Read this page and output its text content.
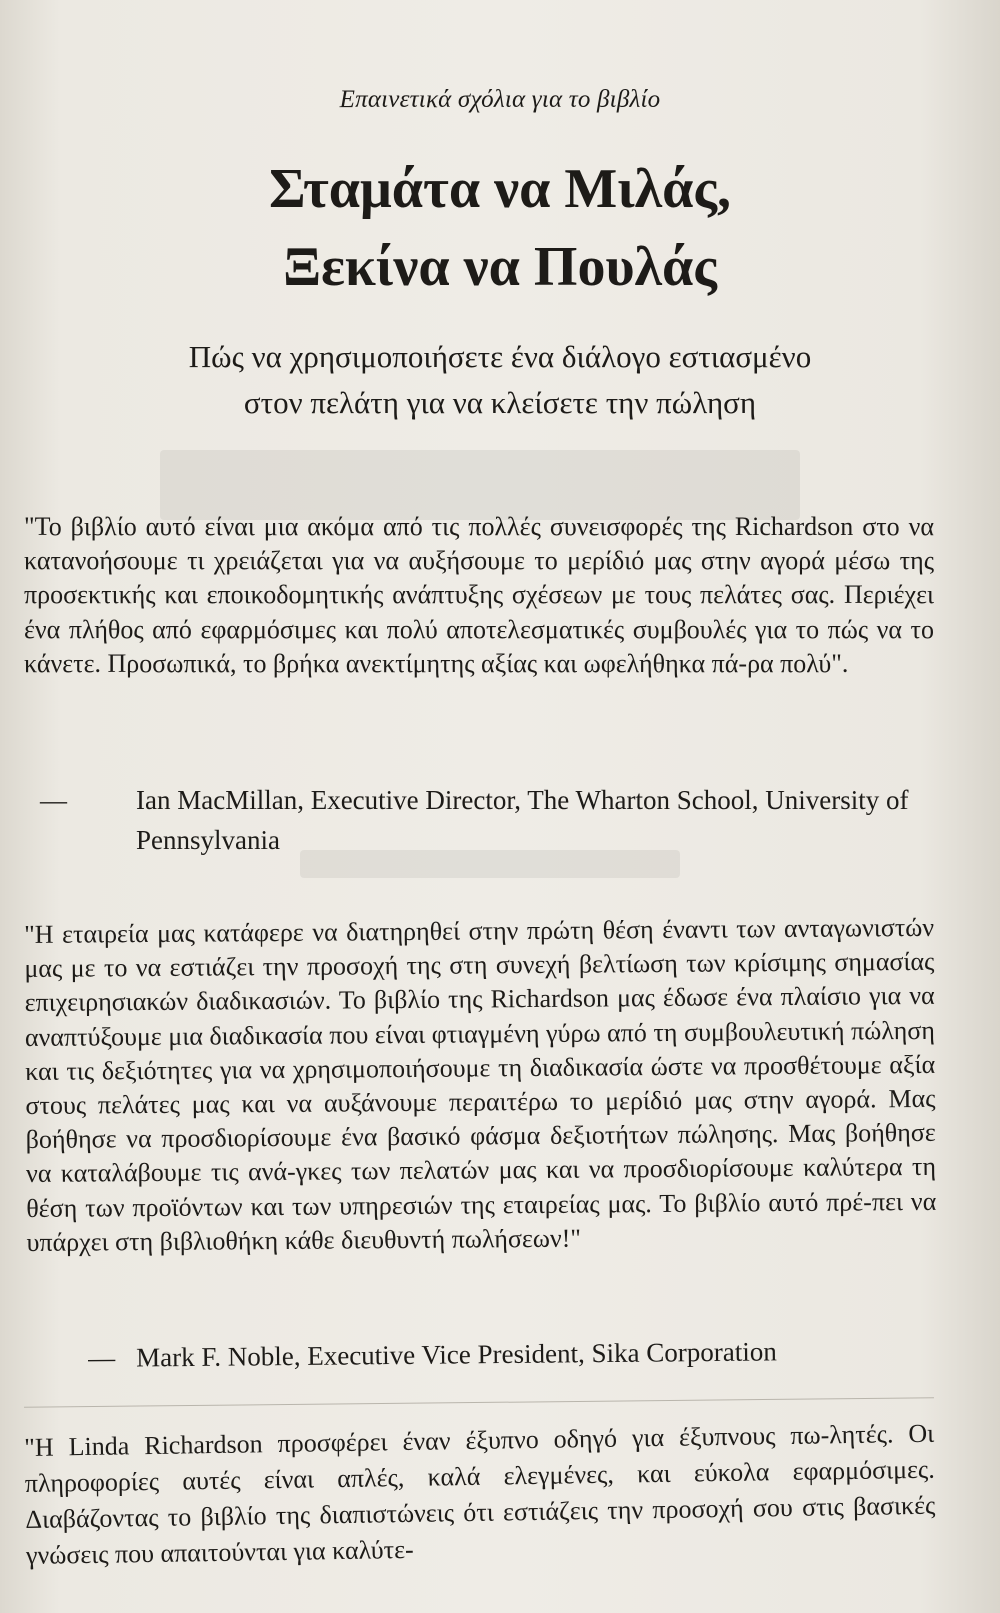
Επαινετικά σχόλια για το βιβλίο
Σταμάτα να Μιλάς,
Ξεκίνα να Πουλάς
Πώς να χρησιμοποιήσετε ένα διάλογο εστιασμένο
στον πελάτη για να κλείσετε την πώληση
"Το βιβλίο αυτό είναι μια ακόμα από τις πολλές συνεισφορές της Richardson στο να κατανοήσουμε τι χρειάζεται για να αυξήσουμε το μερίδιό μας στην αγορά μέσω της προσεκτικής και εποικοδομητικής ανάπτυξης σχέσεων με τους πελάτες σας. Περιέχει ένα πλήθος από εφαρμόσιμες και πολύ αποτελεσματικές συμβουλές για το πώς να το κάνετε. Προσωπικά, το βρήκα ανεκτίμητης αξίας και ωφελήθηκα πά-ρα πολύ".
—	Ian MacMillan, Executive Director, The Wharton School, University of Pennsylvania
"Η εταιρεία μας κατάφερε να διατηρηθεί στην πρώτη θέση έναντι των ανταγωνιστών μας με το να εστιάζει την προσοχή της στη συνεχή βελτίωση των κρίσιμης σημασίας επιχειρησιακών διαδικασιών. Το βιβλίο της Richardson μας έδωσε ένα πλαίσιο για να αναπτύξουμε μια διαδικασία που είναι φτιαγμένη γύρω από τη συμβουλευτική πώληση και τις δεξιότητες για να χρησιμοποιήσουμε τη διαδικασία ώστε να προσθέτουμε αξία στους πελάτες μας και να αυξάνουμε περαιτέρω το μερίδιό μας στην αγορά. Μας βοήθησε να προσδιορίσουμε ένα βασικό φάσμα δεξιοτήτων πώλησης. Μας βοήθησε να καταλάβουμε τις ανά-γκες των πελατών μας και να προσδιορίσουμε καλύτερα τη θέση των προϊόντων και των υπηρεσιών της εταιρείας μας. Το βιβλίο αυτό πρέ-πει να υπάρχει στη βιβλιοθήκη κάθε διευθυντή πωλήσεων!"
— Mark F. Noble, Executive Vice President, Sika Corporation
"Η Linda Richardson προσφέρει έναν έξυπνο οδηγό για έξυπνους πω-λητές. Οι πληροφορίες αυτές είναι απλές, καλά ελεγμένες, και εύκολα εφαρμόσιμες. Διαβάζοντας το βιβλίο της διαπιστώνεις ότι εστιάζεις την προσοχή σου στις βασικές γνώσεις που απαιτούνται για καλύτε-
